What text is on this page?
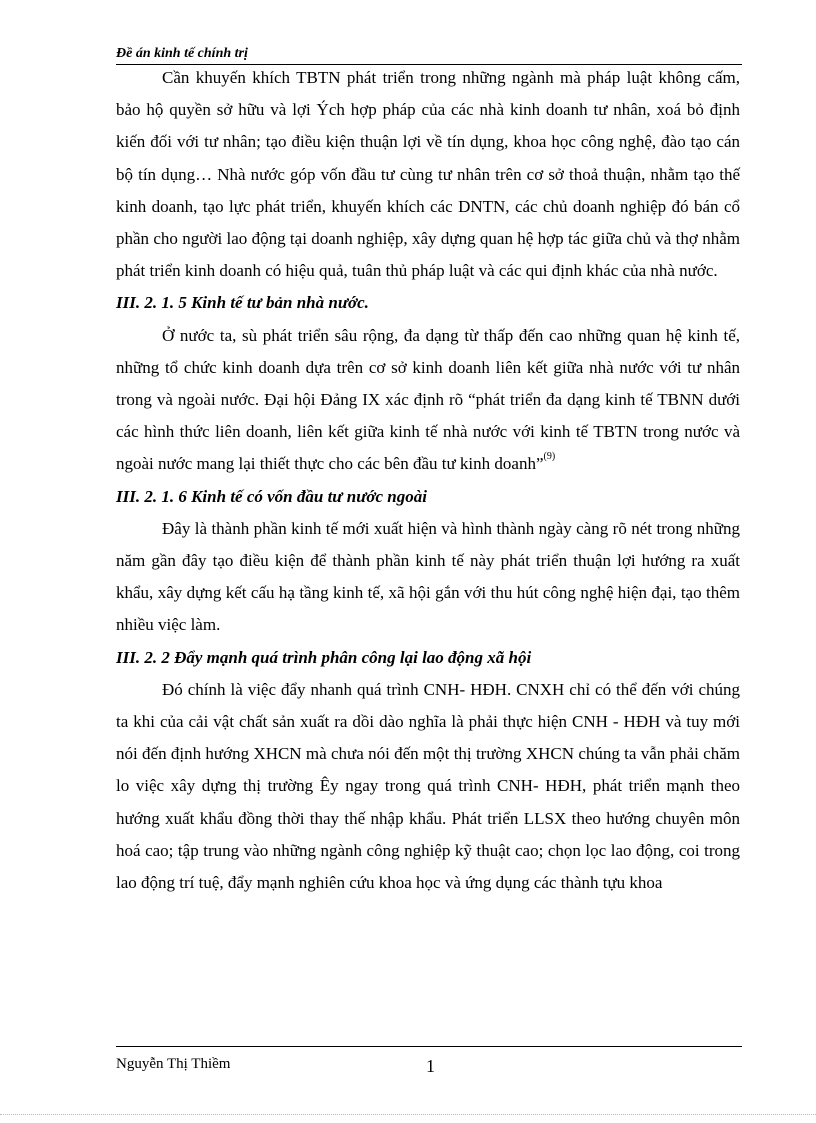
Đề án kinh tế chính trị

Cần khuyến khích TBTN phát triển trong những ngành mà pháp luật không cấm, bảo hộ quyền sở hữu và lợi Ých hợp pháp của các nhà kinh doanh tư nhân, xoá bỏ định kiến đối với tư nhân; tạo điều kiện thuận lợi về tín dụng, khoa học công nghệ, đào tạo cán bộ tín dụng… Nhà nước góp vốn đầu tư cùng tư nhân trên cơ sở thoả thuận, nhằm tạo thế kinh doanh, tạo lực phát triển, khuyến khích các DNTN, các chủ doanh nghiệp đó bán cổ phần cho người lao động tại doanh nghiệp, xây dựng quan hệ hợp tác giữa chủ và thợ nhằm phát triển kinh doanh có hiệu quả, tuân thủ pháp luật và các qui định khác của nhà nước.

III. 2. 1. 5 Kinh tế tư bản nhà nước.

Ở nước ta, sù phát triển sâu rộng, đa dạng từ thấp đến cao những quan hệ kinh tế, những tổ chức kinh doanh dựa trên cơ sở kinh doanh liên kết giữa nhà nước với tư nhân trong và ngoài nước. Đại hội Đảng IX xác định rõ “phát triển đa dạng kinh tế TBNN dưới các hình thức liên doanh, liên kết giữa kinh tế nhà nước với kinh tế TBTN trong nước và ngoài nước mang lại thiết thực cho các bên đầu tư kinh doanh”$^{(9)}$

III. 2. 1. 6 Kinh tế có vốn đầu tư nước ngoài

Đây là thành phần kinh tế mới xuất hiện và hình thành ngày càng rõ nét trong những năm gần đây tạo điều kiện để thành phần kinh tế này phát triển thuận lợi hướng ra xuất khẩu, xây dựng kết cấu hạ tầng kinh tế, xã hội gắn với thu hút công nghệ hiện đại, tạo thêm nhiều việc làm.

III. 2. 2 Đẩy mạnh quá trình phân công lại lao động xã hội

Đó chính là việc đẩy nhanh quá trình CNH- HĐH. CNXH chỉ có thể đến với chúng ta khi của cải vật chất sản xuất ra dồi dào nghĩa là phải thực hiện CNH - HĐH và tuy mới nói đến định hướng XHCN mà chưa nói đến một thị trường XHCN chúng ta vẫn phải chăm lo việc xây dựng thị trường Êy ngay trong quá trình CNH- HĐH, phát triển mạnh theo hướng xuất khẩu đồng thời thay thế nhập khẩu. Phát triển LLSX theo hướng chuyên môn hoá cao; tập trung vào những ngành công nghiệp kỹ thuật cao; chọn lọc lao động, coi trong lao động trí tuệ, đẩy mạnh nghiên cứu khoa học và ứng dụng các thành tựu khoa

Nguyễn Thị Thiềm	1
